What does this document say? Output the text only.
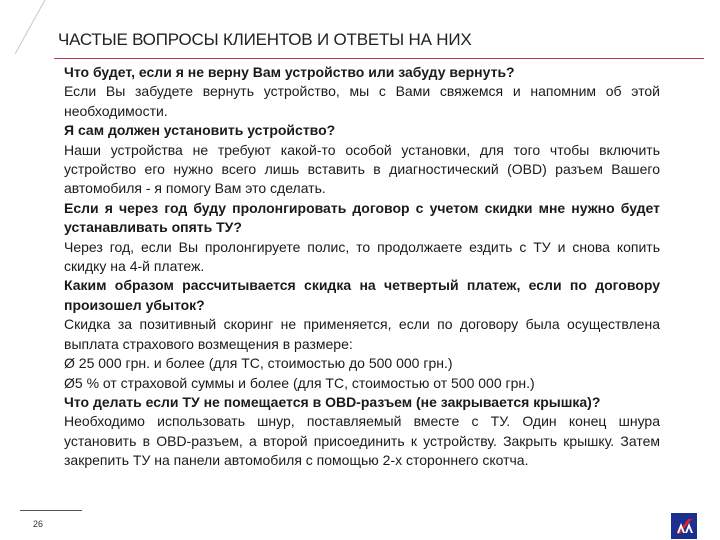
ЧАСТЫЕ ВОПРОСЫ КЛИЕНТОВ И ОТВЕТЫ НА НИХ

Что будет, если я не верну Вам устройство или забуду вернуть?

Если Вы забудете вернуть устройство, мы с Вами свяжемся и напомним об этой необходимости.

Я сам должен установить устройство?

Наши устройства не требуют какой-то особой установки, для того чтобы включить устройство его нужно всего лишь вставить в диагностический (OBD) разъем Вашего автомобиля - я помогу Вам это сделать.

Если я через год буду пролонгировать договор с учетом скидки мне нужно будет устанавливать опять ТУ?

Через год, если Вы пролонгируете полис, то продолжаете ездить с ТУ и снова копить скидку на 4-й платеж.

Каким образом рассчитывается скидка на четвертый платеж, если по договору произошел убыток?

Скидка за позитивный скоринг не применяется, если по договору была осуществлена выплата страхового возмещения в размере:

Ø 25 000 грн. и более (для ТС, стоимостью до 500 000 грн.)

Ø5 % от страховой суммы и более (для ТС, стоимостью от 500 000 грн.)

Что делать если ТУ не помещается в OBD-разъем (не закрывается крышка)?

Необходимо использовать шнур, поставляемый вместе с ТУ. Один конец шнура установить в OBD-разъем, а второй присоединить к устройству. Закрыть крышку. Затем закрепить ТУ на панели автомобиля с помощью 2-х стороннего скотча.

26
